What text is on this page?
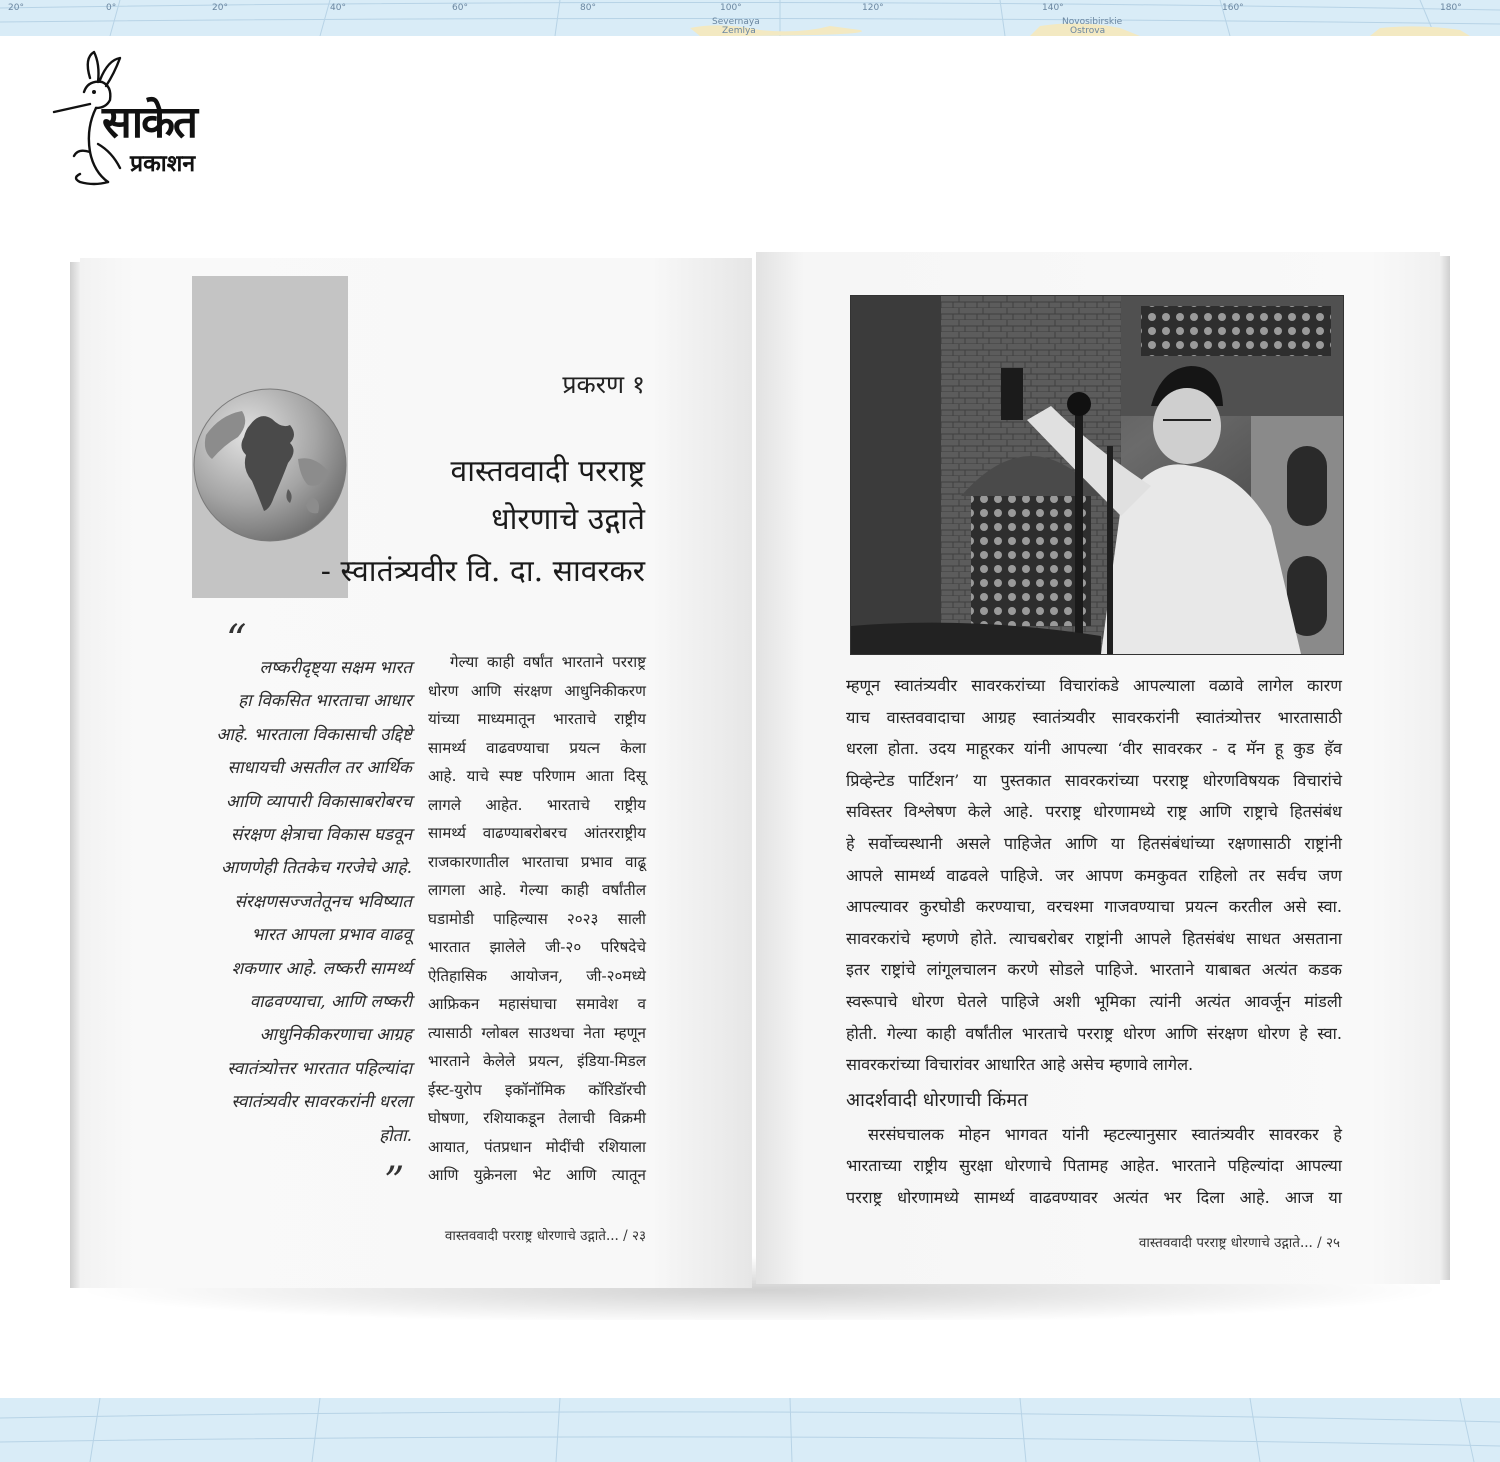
20°	0°	20°	40°	60°	80°	100°	120°	140°	160°	180°
Severnaya
Zemlya
Novosibirskie
Ostrova
साकेत
प्रकाशन
प्रकरण १
वास्तववादी परराष्ट्र
धोरणाचे उद्गाते
- स्वातंत्र्यवीर वि. दा. सावरकर
“
लष्करीदृष्ट्या सक्षम भारत
हा विकसित भारताचा आधार
आहे. भारताला विकासाची उद्दिष्टे
साधायची असतील तर आर्थिक
आणि व्यापारी विकासाबरोबरच
संरक्षण क्षेत्राचा विकास घडवून
आणणेही तितकेच गरजेचे आहे.
संरक्षणसज्जतेतूनच भविष्यात
भारत आपला प्रभाव वाढवू
शकणार आहे. लष्करी सामर्थ्य
वाढवण्याचा, आणि लष्करी
आधुनिकीकरणाचा आग्रह
स्वातंत्र्योत्तर भारतात पहिल्यांदा
स्वातंत्र्यवीर सावरकरांनी धरला
होता.
”
गेल्या काही वर्षांत भारताने परराष्ट्र
धोरण आणि संरक्षण आधुनिकीकरण
यांच्या माध्यमातून भारताचे राष्ट्रीय
सामर्थ्य वाढवण्याचा प्रयत्न केला
आहे. याचे स्पष्ट परिणाम आता दिसू
लागले आहेत. भारताचे राष्ट्रीय
सामर्थ्य वाढण्याबरोबरच आंतरराष्ट्रीय
राजकारणातील भारताचा प्रभाव वाढू
लागला आहे. गेल्या काही वर्षांतील
घडामोडी पाहिल्यास २०२३ साली
भारतात झालेले जी-२० परिषदेचे
ऐतिहासिक आयोजन, जी-२०मध्ये
आफ्रिकन महासंघाचा समावेश व
त्यासाठी ग्लोबल साउथचा नेता म्हणून
भारताने केलेले प्रयत्न, इंडिया-मिडल
ईस्ट-युरोप इकॉनॉमिक कॉरिडॉरची
घोषणा, रशियाकडून तेलाची विक्रमी
आयात, पंतप्रधान मोदींची रशियाला
आणि युक्रेनला भेट आणि त्यातून
वास्तववादी परराष्ट्र धोरणाचे उद्गाते... / २३
म्हणून स्वातंत्र्यवीर सावरकरांच्या विचारांकडे आपल्याला वळावे लागेल कारण
याच वास्तववादाचा आग्रह स्वातंत्र्यवीर सावरकरांनी स्वातंत्र्योत्तर भारतासाठी
धरला होता. उदय माहूरकर यांनी आपल्या ‘वीर सावरकर - द मॅन हू कुड हॅव
प्रिव्हेन्टेड पार्टिशन’ या पुस्तकात सावरकरांच्या परराष्ट्र धोरणविषयक विचारांचे
सविस्तर विश्लेषण केले आहे. परराष्ट्र धोरणामध्ये राष्ट्र आणि राष्ट्राचे हितसंबंध
हे सर्वोच्चस्थानी असले पाहिजेत आणि या हितसंबंधांच्या रक्षणासाठी राष्ट्रांनी
आपले सामर्थ्य वाढवले पाहिजे. जर आपण कमकुवत राहिलो तर सर्वच जण
आपल्यावर कुरघोडी करण्याचा, वरचश्मा गाजवण्याचा प्रयत्न करतील असे स्वा.
सावरकरांचे म्हणणे होते. त्याचबरोबर राष्ट्रांनी आपले हितसंबंध साधत असताना
इतर राष्ट्रांचे लांगूलचालन करणे सोडले पाहिजे. भारताने याबाबत अत्यंत कडक
स्वरूपाचे धोरण घेतले पाहिजे अशी भूमिका त्यांनी अत्यंत आवर्जून मांडली
होती. गेल्या काही वर्षांतील भारताचे परराष्ट्र धोरण आणि संरक्षण धोरण हे स्वा.
सावरकरांच्या विचारांवर आधारित आहे असेच म्हणावे लागेल.
आदर्शवादी धोरणाची किंमत
सरसंघचालक मोहन भागवत यांनी म्हटल्यानुसार स्वातंत्र्यवीर सावरकर हे
भारताच्या राष्ट्रीय सुरक्षा धोरणाचे पितामह आहेत. भारताने पहिल्यांदा आपल्या
परराष्ट्र धोरणामध्ये सामर्थ्य वाढवण्यावर अत्यंत भर दिला आहे. आज या
वास्तववादी परराष्ट्र धोरणाचे उद्गाते... / २५
